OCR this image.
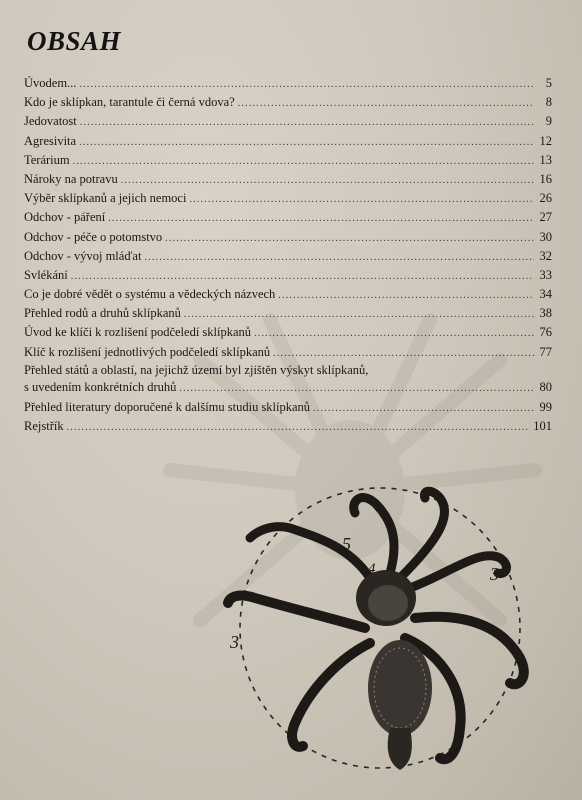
OBSAH
Úvodem... .....	5
Kdo je sklípkan, tarantule či černá vdova? .....	8
Jedovatost .....	9
Agresivita .....	12
Terárium .....	13
Nároky na potravu .....	16
Výběr sklípkanů a jejich nemoci .....	26
Odchov - páření .....	27
Odchov - péče o potomstvo .....	30
Odchov - vývoj mláďat .....	32
Svlékání .....	33
Co je dobré vědět o systému a vědeckých názvech .....	34
Přehled rodů a druhů sklípkanů .....	38
Úvod ke klíči k rozlišení podčeledí sklípkanů .....	76
Klíč k rozlišení jednotlivých podčeledí sklípkanů .....	77
Přehled států a oblastí, na jejichž území byl zjištěn výskyt sklípkanů,
s uvedením konkrétních druhů .....	80
Přehled literatury doporučené k dalšímu studiu sklípkanů .....	99
Rejstřík .....	101
5
4	3
3
